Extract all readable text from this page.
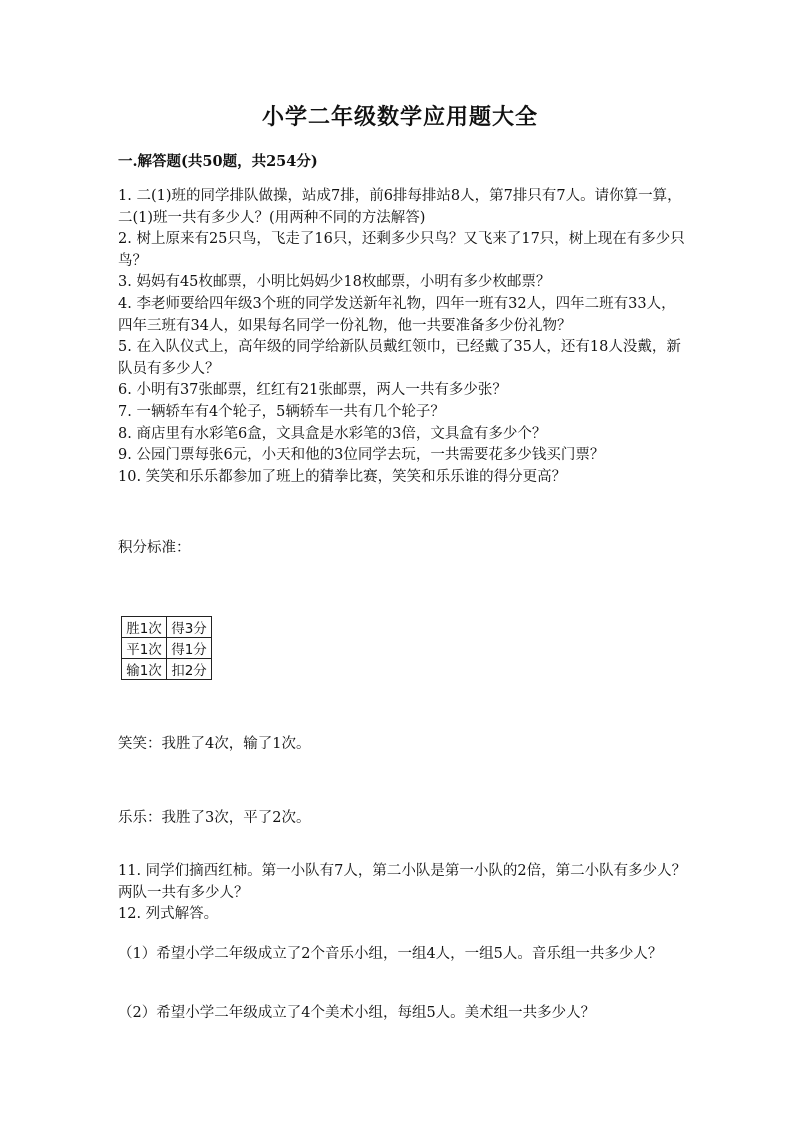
小学二年级数学应用题大全
一.解答题(共50题，共254分)

1. 二(1)班的同学排队做操，站成7排，前6排每排站8人，第7排只有7人。请你算一算，二(1)班一共有多少人？(用两种不同的方法解答)

2. 树上原来有25只鸟，飞走了16只，还剩多少只鸟？又飞来了17只，树上现在有多少只鸟？

3. 妈妈有45枚邮票，小明比妈妈少18枚邮票，小明有多少枚邮票？

4. 李老师要给四年级3个班的同学发送新年礼物，四年一班有32人，四年二班有33人，四年三班有34人，如果每名同学一份礼物，他一共要准备多少份礼物？

5. 在入队仪式上，高年级的同学给新队员戴红领巾，已经戴了35人，还有18人没戴，新队员有多少人？

6. 小明有37张邮票，红红有21张邮票，两人一共有多少张？

7. 一辆轿车有4个轮子，5辆轿车一共有几个轮子？

8. 商店里有水彩笔6盒，文具盒是水彩笔的3倍，文具盒有多少个？

9. 公园门票每张6元，小天和他的3位同学去玩，一共需要花多少钱买门票？

10. 笑笑和乐乐都参加了班上的猜拳比赛，笑笑和乐乐谁的得分更高？

积分标准：
胜1次	得3分
平1次	得1分
输1次	扣2分
笑笑：我胜了4次，输了1次。
乐乐：我胜了3次，平了2次。
11. 同学们摘西红柿。第一小队有7人，第二小队是第一小队的2倍，第二小队有多少人？两队一共有多少人？
12. 列式解答。
（1）希望小学二年级成立了2个音乐小组，一组4人，一组5人。音乐组一共多少人？
（2）希望小学二年级成立了4个美术小组，每组5人。美术组一共多少人？
